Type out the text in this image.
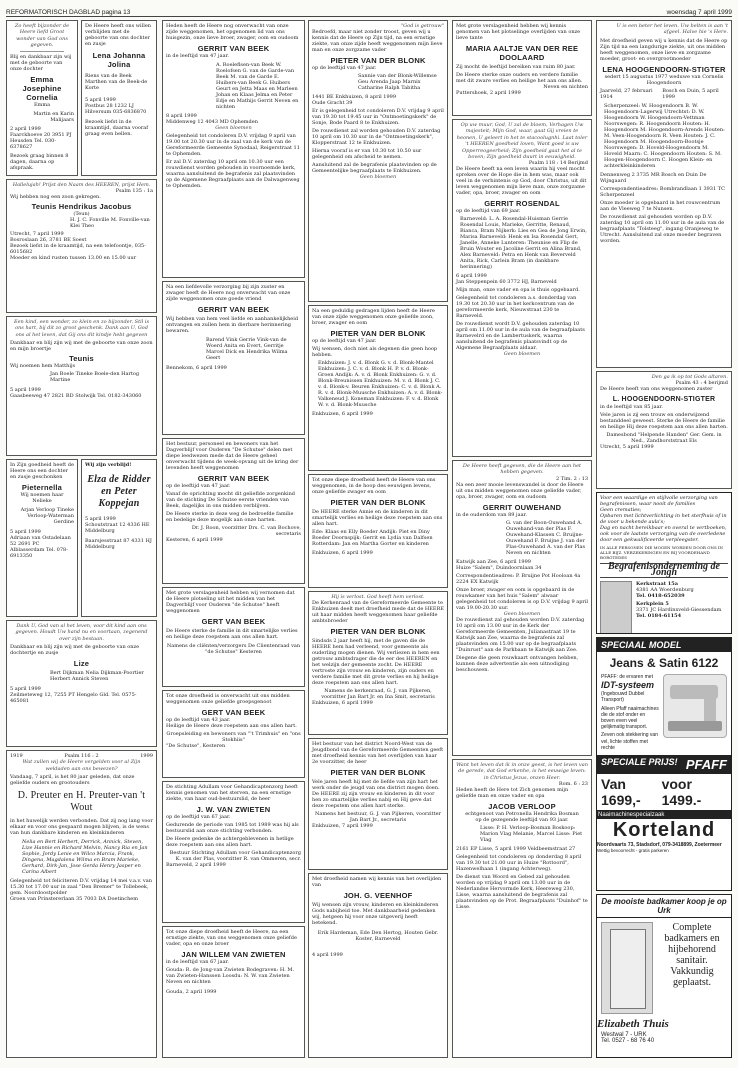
REFORMATORISCH DAGBLAD pagina 13	woensdag 7 april 1999
Zo heeft bijzonder de Heere liefd Groot wonder van God ons gegeven.
Blij en dankbaar zijn wij met de geboorte van onze dochter
Emma Josephine Cornelia
Emma
Martin en Karin Malijaars
2 april 1999
Faarckhoeve 20 3951 PJ Heusden Tel. 030-6378627
Bezoek graag binnen 8 dagen, daarna op afspraak.
De Heere heeft ons willen verblijden met de geboorte van ons dochter en zusje
Lena Johanna Jolina
Riens van de Beek Marthen van de Beek-de Korte
5 april 1999
Postbus 28 1232 LJ Hilversum 035-6836870
Bezoek liefst in de kraamtijd, daarna vooraf graag even bellen.
Hallelujah! Prijst den Naam des HEEREN, prijst Hem.
Psalm 135 : 1a
Wij hebben nog een zoon gekregen.
Teunis Hendrikus Jacobus
(Teun)
H. J. C. Fonville M. Fonville-van Klei Theo
Utrecht, 7 april 1999
Bosroslaan 26, 3781 BE Soest
Bezoek liefst in de kraamtijd, na een telefoontje, 035-6015682
Moeder en kind rusten tussen 13.00 en 15.00 uur
Een kind, een wonder, zo klein en zo bijzonder. Stil is ons hart, bij dit zo groot geschenk. Dank aan U, God ons al het leven, dat Gij ons dit kindje hebt gegeven
Dankbaar en blij zijn wij met de geboorte van onze zoon en mijn broertje
Teunis
Wij noemen hem Matthijs
Jan Boele Tineke Boele-den Hartog Martine
5 april 1999
Gaasbeeweg 47 2821 BD Stolwijk Tel. 0182-343060
In Zijn goedheid heeft de Heere ons een dochter en zusje geschonken
Pieternella
Wij noemen haar Nelieke
Arjan Verloop Tineke Verloop-Waterman Gerdine
5 april 1999
Adriaan van Ostadelaan 52 2691 PC Alblasserdam Tel. 078-6913350
Wij zijn verblijd!
Elza de Ridder en Peter Koppejan
5 april 1999
Schoutstraat 12 4336 HE Middelburg
Baarsjesstraat 87 4331 HJ Middelburg
Dank U, God van al het leven, voor dit kind aan ons gegeven. Houdt Uw hand nu en voortaan, zegenend over zijn bestaan.
Dankbaar en blij zijn wij met de geboorte van onze dochtertje en zusje
Lize
Bert Dijkman Nelia Dijkman-Poortier Herbert Annick Steven
5 april 1999
Zeilmeteweg 12, 7255 PT Hengelo Gld. Tel. 0575-465081
1919	Psalm 116 : 2	1999
Wat zullen wij de Heere vergelden voor al Zijn weldaden aan ons bewezen?
Vandaag, 7 april, is het 80 jaar geleden, dat onze geliefde ouders en grootouders
D. Preuter en H. Preuter-van 't Wout
in het huwelijk werden verbonden. Dat zij nog lang voor elkaar en voor ons gespaard mogen blijven, is de wens van hun dankbare kinderen en kleinkinderen
Nelia en Bert Herbert, Derrick, Annick, Steven, Lize Hannie en Richard Melvin, Nancy Ria en Jan Sophie, Jordy Lenie en Wilco Marcia, Frank, Dingena, Magdalena Wilma en Bram Marieke, Gerhard, Dirk-Jan, Jose Gerda Henry Jasper en Carina Albert
Gelegenheid tot feliciteren D.V. vrijdag 14 mei v.a.v. van 15.30 tot 17.00 uur in zaal "Den Bremer" te Tollebeek, gem. Noordoostpolder
Groen van Prinstererlaan 35 7003 DA Doetinchem
Heden heeft de Heere nog onverwacht van onze zijde weggenomen, het opgenomen lid van ons huisgezin, onze lieve broer, zwager, oom en oudoom
GERRIT VAN BEEK
in de leeftijd van 47 jaar.
A. Roeleflsen-van Beek W. Roelofsen G. van de Garde-van Beek M. van de Garde E. Huibers-van Beek G. Huibers Geurt en Jetta Maas en Marleen Johan en Klaas Jelma en Peter Edje en Mathijs Gerrit Neven en nichten
8 april 1999
Middenweg 12 4043 MD Ophemden
Geen bloemen
Gelegenheid tot condoleren D.V. vrijdag 9 april van 19.00 tot 20.30 uur in de zaal van de kerk van de Gereformeerde Gemeente Synodaal, Reigerstraat 11 te Ophemden.
Er zal D.V. zaterdag 10 april om 10.30 uur een rouwdienst worden gehouden in voornoemde kerk, waarna aansluitend de begrafenis zal plaatsvinden op de Algemene Begraafplaats aan de Dalwagenweg te Ophemden.
Na een liefdevolle verzorging bij zijn zuster en zwager heeft de Heere nog onverwacht van onze zijde weggenomen onze goede vriend
GERRIT VAN BEEK
Wij hebben van hem veel liefde en aanhankelijkheid ontvangen en zullen hem in dierbare herinnering bewaren.
Barend Vink Gerrie Vink-van de Woerd Anita en Evert, Gerritje Marcel Dick en Hendrika Wilma Geert
Bennekom, 6 april 1999
Het bestuur, personeel en bewoners van het Dagverblijf voor Ouderen "De Schutse" delen met diepe leedwezen mede dat de Heere geheel onverwacht tijdens de week-opvang uit de kring der levenden heeft weggenomen
GERRIT VAN BEEK
op de leeftijd van 47 jaar.
Vanaf de oprichting mocht dit gelieflde zorgenkind van de stichting De Schutse eerste vrienden van Beek, dagelijks in ons midden verblijven.
De Heere sterke in deze weg de bedroefde familie en bedelige deze mogelijk aan onze harten.
Dr. J. Roon, voorzitter Drs. C. van Bochove, secretaris
Kesteren, 6 april 1999
Met grote verslagenheid hebben wij vernomen dat de Heere plotseling uit het midden van het Dagverblijf voor Ouderen "de Schutse" heeft weggenomen
GERT VAN BEEK
De Heere sterke de familie in dit smartelijke verlies en heilige deze roepstem aan ons allen hart.
Namens de cliënten/verzorgers De Clientenraad van "de Schutse" Kesteren
Tot onze droefheid is onverwacht uit ons midden weggenomen onze geliefde groepsgenoot
GERT VAN BEEK
op de leeftijd van 43 jaar.
Heilige de Heere deze roepstem aan ons allen hart.
Groepsleiding en bewoners van "'t Trimhuis" en "ons Stokhiis"
"De Schutse", Kesteren
De stichting Adullam voor Gehandicaptenzorg heeft kennis genomen van het sterven, na een ernstige ziekte, van haar oud-bestuurslid, de heer
J. W. VAN ZWIETEN
op de leeftijd van 67 jaar.
Gedurende de periode van 1985 tot 1989 was hij als bestuurslid aan onze stichting verbonden.
De Heere gedenke de achtergeblevenen in hetlige deze roepstem aan ons allen hart.
Bestuur Stichting Adullam voor Gehandicaptenzorg K. van der Plas, voorzitter R. van Ommeren, secr.
Barneveld, 2 april 1999
Tot onze diepe droefheid heeft de Heere, na een ernstige ziekte, van ons weggenomen onze geliefde vader, opa en onze broer
JAN WILLEM VAN ZWIETEN
in de leeftijd van 67 jaar.
Gouda: R. de Jong-van Zwieten Bodegraven: H. M. van Zwieten-Hanssen Loosdu: N. W. van Zwieten Neven en nichten
Gouda, 2 april 1999
"God is getrouw"
Bedroefd, maar niet zonder troost, geven wij u kennis dat de Heere op Zijn tijd, na een ernstige ziekte, van onze zijde heeft weggenomen mijn lieve man en onze zorgzame vader
PIETER VAN DER BLONK
op de leeftijd van 47 jaar.
Sannie van der Blonk-Willemse Geu Arenda Jaap Marnix Catharine Ralph Tabitha
1441 BE Enkhuizen, 8 april 1999
Oude Gracht 39
Er is gelegenheid tot condoleren D.V. vrijdag 9 april van 19.30 tot 19.45 uur in "Ontmoetingskerk" de Sonje, Bode Paard 8 te Enkhuizen.
De rouwdienst zal worden gehouden D.V. zaterdag 10 april om 10.30 uur in de "Ontmoetingskerk", Klopperstraat 12 te Enkhuizen.
Hierna vooraf is er van 10.30 tot 10.50 uur gelegenheid om afscheid te nemen.
Aansluitend zal de begrafenis plaatsvinden op de Gemeentelijke begraafplaats te Enkhuizen.
Geen bloemen
Na een geduldig gedragen lijden heeft de Heere van onze zijde weggenomen onze geliefde zoon, broer, zwager en oom
PIETER VAN DER BLONK
op de leeftijd van 47 jaar.
Wij wensen, doch niet als degenen die geen hoop hebben.
Enkhuizen: J. v. d. Blonk G. v. d. Blonk-Mantel Enkhuizen: J. C. v. d. Blonk H. P. v. d. Blonk-Groen Andijk: A. v. d. Blonk Enkhuizen: G. v. d. Blonk-Breunissen Enkhuizen: M. v. d. Blonk J. C. v. d. Blonk-v. Beuren Enkhuizen: C. v. d. Blonk A. R. v. d. Blonk-Muusche Enkhuizen: A. v. d. Blonk-Valkeneud J. Koneman Enkhuizen: F. v. d. Blonk W. v. d. Blonk-Muusche
Enkhuizen, 6 april 1999
Tot onze diepe droefheid heeft de Heere van ons weggenomen, in de hoop des eeuwigen levens, onze geliefde zwager en oom
PIETER VAN DER BLONK
De HEERE sterke Annie en de kinderen in dit smartelijk verlies en heilige deze roepstem aan ons allen hart.
Ede: Klaas en Elly Boeder Andijk: Piet en Diny Boeder Doornspijk: Gerrit en Lydia van Dalfsen Rotterdam: Jan en Martha Gorter en kinderen
Enkhuizen, 6 april 1999
Hij is verlost. God heeft hem verlost.
De Kerkenraad van de Gereformeerde Gemeente te Enkhuizen deelt met droefheid mede dat de HEERE uit haar midden heeft weggenomen haar geliefde ambtsbroeder
PIETER VAN DER BLONK
Sindsds 2 jaar heeft hij, met de gaven die de HEERE hem had verleend, voor gemeente als ouderling mogen dienen. Wij verliezen in hem een getrouw ambtsdrager die de eer des HEEREN en het welzijn der gemeente zocht. De HEERE vertroste zijn vrouw en kinderen, zijn ouders en verdere familie met dit grote verlies en hij heilige deze roepstem aan ons allen hart.
Namens de kerkenraad, G. J. van Pijkeren, voorzitter Jan Bart Jr. en Ina Smit, secretaris
Enkhuizen, 6 april 1999
Het bestuur van het district Noord-West van de Jeugdbond van de Gereformeerde Gemeenten geeft met droefheid kennis van het overlijden van haar 2e voorzitter, de heer
PIETER VAN DER BLONK
Vele jaren heeft hij met de liefde van zijn hart het werk onder de jeugd van ons district mogen doen. De HEERE zij zijn vrouw en kinderen in dit voor hen zo smartelijke verlies nabij en Hij geve dat deze roepstem ons allen hart sterke.
Namens het bestuur, G. J. van Pijkeren, voorzitter Jan Bart Jr., secretaris
Enkhuizen, 7 april 1999
Met droefheid namen wij kennis van het overlijden van
JOH. G. VEENHOF
Wij wensen zijn vrouw, kinderen en kleinkinderen Gods nabijheid toe. Met dankbaarheid gedenken wij, hetgeen hij voor onze uitgeverij heeft betekend.
Erik Hardeman, Ede Den Hertog, Houten Gebr. Koster, Barneveld
4 april 1999
Met grote verslagenheid hebben wij kennis genomen van het plotselinge overlijden van onze lieve tante
MARIA AALTJE VAN DER REE DOOLAARD
Zij mocht de leeftijd bereiken van ruim 80 jaar.
De Heere sterke onze ouders en verdere familie met dit zware verlies en heilige het aan ons allen.
Neven en nichten
Puttershoek, 2 april 1999
Op uw muur, God, U zal de bloem, Verhagen Uw majesteit; Mijn God, waar, gaat Gij vreien te heonen, U geleert in het te stacoolugnhi. Laat toler 't HEEREN goedheid loven, Want goed is uw Opperreogeerheid; Zijn goedheid gaat het al te boven; Zijn goedheid duurt in eeuwigheid.
Psalm 118 : 14 Berijmd
De Heere heeft na een leven waarin hij veel mocht spreken over de Hope die in hem was, maar ook veel in de verbintenis op God, door Christus, uit dit leven weggenomen mijn lieve man, onze zorgzame vader, opa, broer, zwager en oom
GERRIT ROSENDAL
op de leeftijd van 69 jaar.
Barneveld: L. A. Rosendal-Huisman Gerrie Rosendal Louis, Marieke, Gerritte, Renaud, Bianca, Bram Nijkerk: Lies en Gea de Jong Erwin, Marisa Barneveld: Henk en Isa Rosendal Gert, Janelle, Anneke Lunteren: Theunise en Flip de Bruin Wouter en Jacoline Gerrit en Alina Brand, Alex Barneveld: Petra en Henk van Beverveld Anita, Rick, Carlein Bram (in dankbare herinnering)
6 april 1999
Jan Steppenpein 60 3772 HJ, Barneveld
Mijn man, onze vader en opa is thuis opgebaard.
Gelegenheid tot condoleren a.s. donderdag van 19.30 tot 20.30 uur in het kerkcentrum van de gereformeerde kerk, Nieuwstraat 230 te Barneveld.
De rouwdienst wordt D.V. gehouden zaterdag 10 april om 11.00 uur in de aula van de begraafplaats Barnevelrd en de Lambertuskerk, waarna aansluitend de begrafenis plaatsvindt op de Algemene Begraafplaats aldaar.
Geen bloemen
De Heere heeft gegeven, die de Heere aan het hebben gegeven.
2 Tim. 2 : 13
Na een zeer mooie levenswandel is door de Heere uit ons midden weggenomen onze geliefde vader, opa, broer, zwager, oom en oudoom
GERRIT OUWEHAND
in de ouderdom van 89 jaar.
G. van der Boon-Ouwehand A. Ouwehand-van der Plas F. Ouwehand-Klassen C. Bruijne-Ouwehand F. Bruijne J. van der Plas-Ouwehand A. van der Plas Neven en nichten
Katwijk aan Zee, 6 april 1999
Huize "Salem", Duindoornlaan 34
Correspondentieadres: P. Bruijne Pot Hooloan 4a 2224 EX Katwijk
Onze broer, zwager en oom is opgebaard in de rouwkamer van het huis "Salem" alwaar gelegenheid tot condoleren is op D.V. vrijdag 9 april van 19.00-20.30 uur.
Geen bloemen
De rouwdienst zal gehouden worden D.V. zaterdag 10 april om 13.00 uur in de Kerk der Gereformeerde Gemeenten, Julianastraat 19 te Katwijk aan Zee, waarna de begrafenis zal plaatsvinden om 15.00 uur op de begraafplaats "Duinrust" aan de Parkbaan te Katwijk aan Zee.
Diegene die geen rouwkaart ontvangen hebben, kunnen deze advertentie als een uitnodiging beschouwen.
Want het leven dat ik in onze geest, is het leven van de gerede, dat God erkenhe, is het eeuwige leven: in Christus Jezus, onzen Heer.
Rom. 6 : 23
Heden heeft de Here tot Zich genomen mijn geliefde man en onze vader en opa
JACOB VERLOOP
echtgenoot van Petronella Hendrika Bosman
op de gezegende leeftijd van 93 jaar.
Lisse: P. H. Verloop-Bosman Boskoop: Marion Vlag Melanie, Marcel Lisse: Piet Vlag
2161 EP Lisse, 5 april 1999 Veldbeemstraat 27
Gelegenheid tot condoleren op donderdag 8 april van 19.30 tot 21.00 uur in Huize "Rottoord", Hazenwelhaan 1 (ingang Achterweg).
De dienst van Woord en Gebed zal gehouden worden op vrijdag 9 april om 13.00 uur in de Nederlandse Hervormde Kerk, Heereweg 230, Lisse, waarna aansluitend de begrafenis zal plaatsvinden op de Prot. Begraafplaats "Duinhof" te Lisse.
U is een beter het leven. Uw belten is aan 't afgeel. Halve hie 's Here.
Met droefheid geven wij u kennis dat de Heere op Zijn tijd na een langdurige ziekte, uit ons midden heeft weggenomen, onze lieve en zorgzame moeder, groot- en overgrootmoeder
LENA HOOGENDOORN-STIGTER
sedert 15 augustus 1977 weduwe van Cornelis Hoogendoorn
Jaarveld, 27 februari 1914
Bosch en Duin, 5 april 1999
Scherpenzeel: W. Hoogendoorn B. W. Hoogendoorn-Lagerwij Utrechtst: D. W. Hoogendoorn W. Hoogendoorn-Vettman Noorswegen: R. Hoogendoorn Houten: H. Hoogendoorn M. Hoogendoorn-Arends Houten: M. Veen-Hoogendoorn R. Veen Houten: J. C. Hoogendoorn M. Hoogendoorn-Bootsje Noorswegen: D. Hoveld-Hoogendoorn M. Hoveld Maarn: C. Hoogendoorn Houten: S. M. Hoogen-Hoogendoorn C. Hoogen Klein- en achterkleinkinderen
Dennenweg 2 3735 MR Bosch en Duin De Wijngaard
Correspondentieadres: Bombrandlaan 1 3931 TC Scherpenzeel
Onze moeder is opgebaard in het rouwcentrum aan de Vleeweg 7 te Nunsen.
De rouwdienst zal gehouden worden op D.V. zaterdag 10 april om 11.00 uur in de aula van de begraafplaats "Tolsteeg", ingang Oranjeweg te Utrecht. Aansluitend zal onze moeder begraven worden.
Den ga ik op tot Gods altaren.
Psalm 43 : 4 berijmd
De Heere heeft van ons weggenomen zuster
L. HOOGENDOORN-STIGTER
in de leeftijd van 85 jaar.
Vele jaren is zij een trouw en onderwijzend bestanddeel geweest. Sterke de Heere de familie en heilige Hij deze roepstem aan ons allen harten.
Damesbond "Helpende Handen" Ger. Gem. in Ned., Zandhorststraat Els
Utrecht, 5 april 1999
Voor een waardige en stijlvolle verzorging van begrafenissen, waar nooit de families
Geen crematies;
Opbaren met lichtverlichting in het sterfhuis of in de voor u bekende aula's;
Dag en nacht bereikbaar en overal te vertboeken, ook voor de laatste verzorging van de overledene door een gekwalificeerde verpleegster.
IN ALLE PERSONEN DIE MOGEN WORDEN DOOR ONS IN ALLE BIJZ. VERZEKERINGEN EN BIJ VOORDEHAND BORGTEDES
Begrafenisonderneming de Jongh
Kerkstraat 15a
4381 AA Woerdenburg
Tel. 0418-652039
Kerkplein 5
3371 JC Hardinxveld-Giessendam
Tel. 0184-61154
SPECIAAL MODEL
Jeans & Satin 6122
PFAFF: de ervaren met
IDT-systeem
(Ingebouwd Dubbel Transport)
Alleen Pfaff naaimachines die de stof onder en boven even veel gelijkmatig transport.
Zeven ook stekkering van vel, lichte stoffen met rechte
SPECIALE PRIJS! PFAFF
Van 1699,-
voor 1499.-
Naaimachinespecialzaak
Korteland
Noordvaarts 73, Stadsdorf, 079-3418899, Zoetermeer
Wettig bevoorrecht - gratis parkeren
De mooiste badkamer koop je op Urk
Complete badkamers en hijbehorend sanitair. Vakkundig geplaatst.
Elizabeth Thuis
Westwal 7 - URK
Tel. 0527 - 68 76 40
